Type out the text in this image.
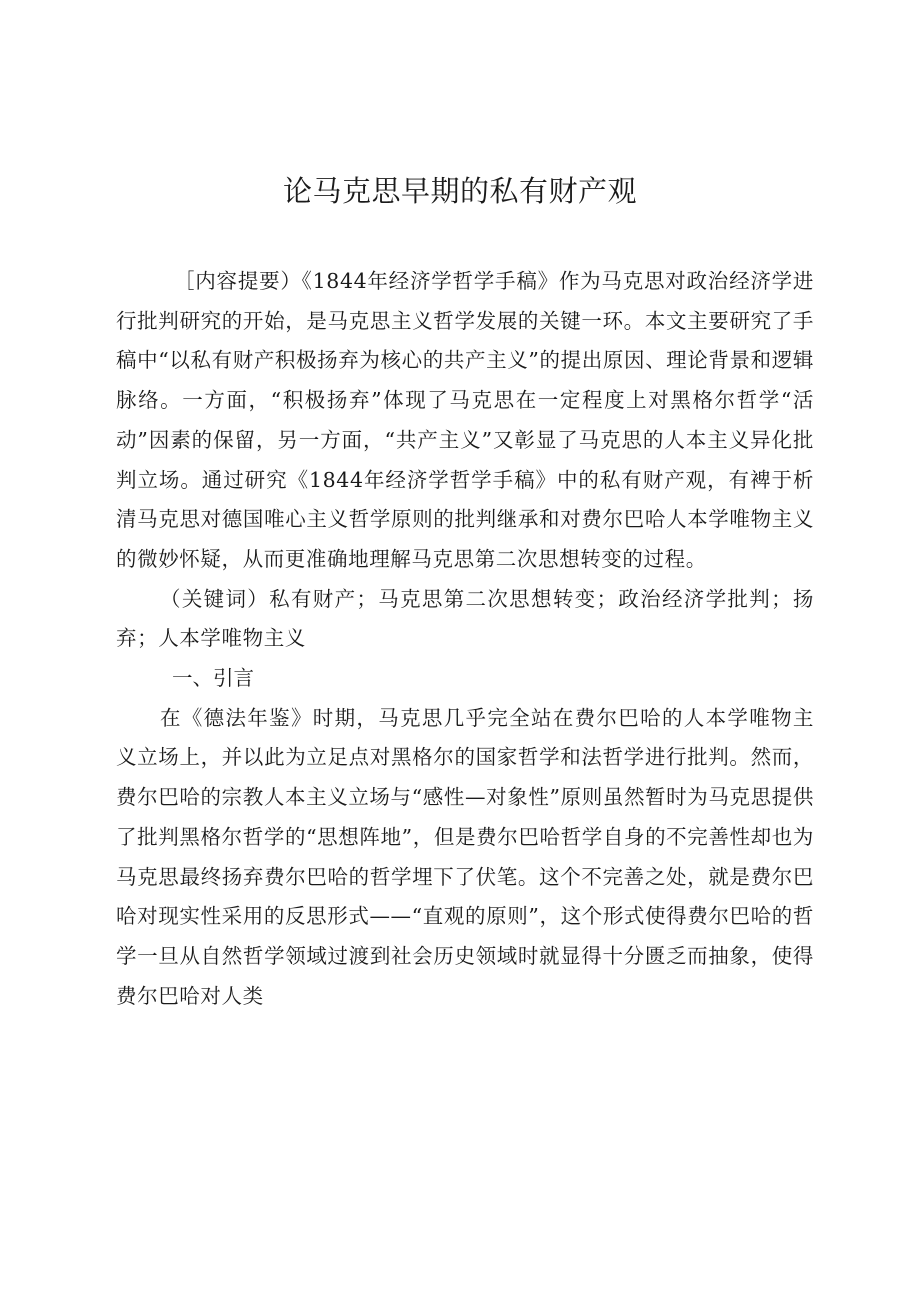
论马克思早期的私有财产观

［内容提要）《1844年经济学哲学手稿》作为马克思对政治经济学进行批判研究的开始，是马克思主义哲学发展的关键一环。本文主要研究了手稿中“以私有财产积极扬弃为核心的共产主义”的提出原因、理论背景和逻辑脉络。一方面，“积极扬弃”体现了马克思在一定程度上对黑格尔哲学“活动”因素的保留，另一方面，“共产主义”又彰显了马克思的人本主义异化批判立场。通过研究《1844年经济学哲学手稿》中的私有财产观，有裨于析清马克思对德国唯心主义哲学原则的批判继承和对费尔巴哈人本学唯物主义的微妙怀疑，从而更准确地理解马克思第二次思想转变的过程。

（关键词）私有财产；马克思第二次思想转变；政治经济学批判；扬弃；人本学唯物主义

一、引言

在《德法年鉴》时期，马克思几乎完全站在费尔巴哈的人本学唯物主义立场上，并以此为立足点对黑格尔的国家哲学和法哲学进行批判。然而，费尔巴哈的宗教人本主义立场与“感性—对象性”原则虽然暂时为马克思提供了批判黑格尔哲学的“思想阵地”，但是费尔巴哈哲学自身的不完善性却也为马克思最终扬弃费尔巴哈的哲学埋下了伏笔。这个不完善之处，就是费尔巴哈对现实性采用的反思形式——“直观的原则”，这个形式使得费尔巴哈的哲学一旦从自然哲学领域过渡到社会历史领域时就显得十分匮乏而抽象，使得费尔巴哈对人类
